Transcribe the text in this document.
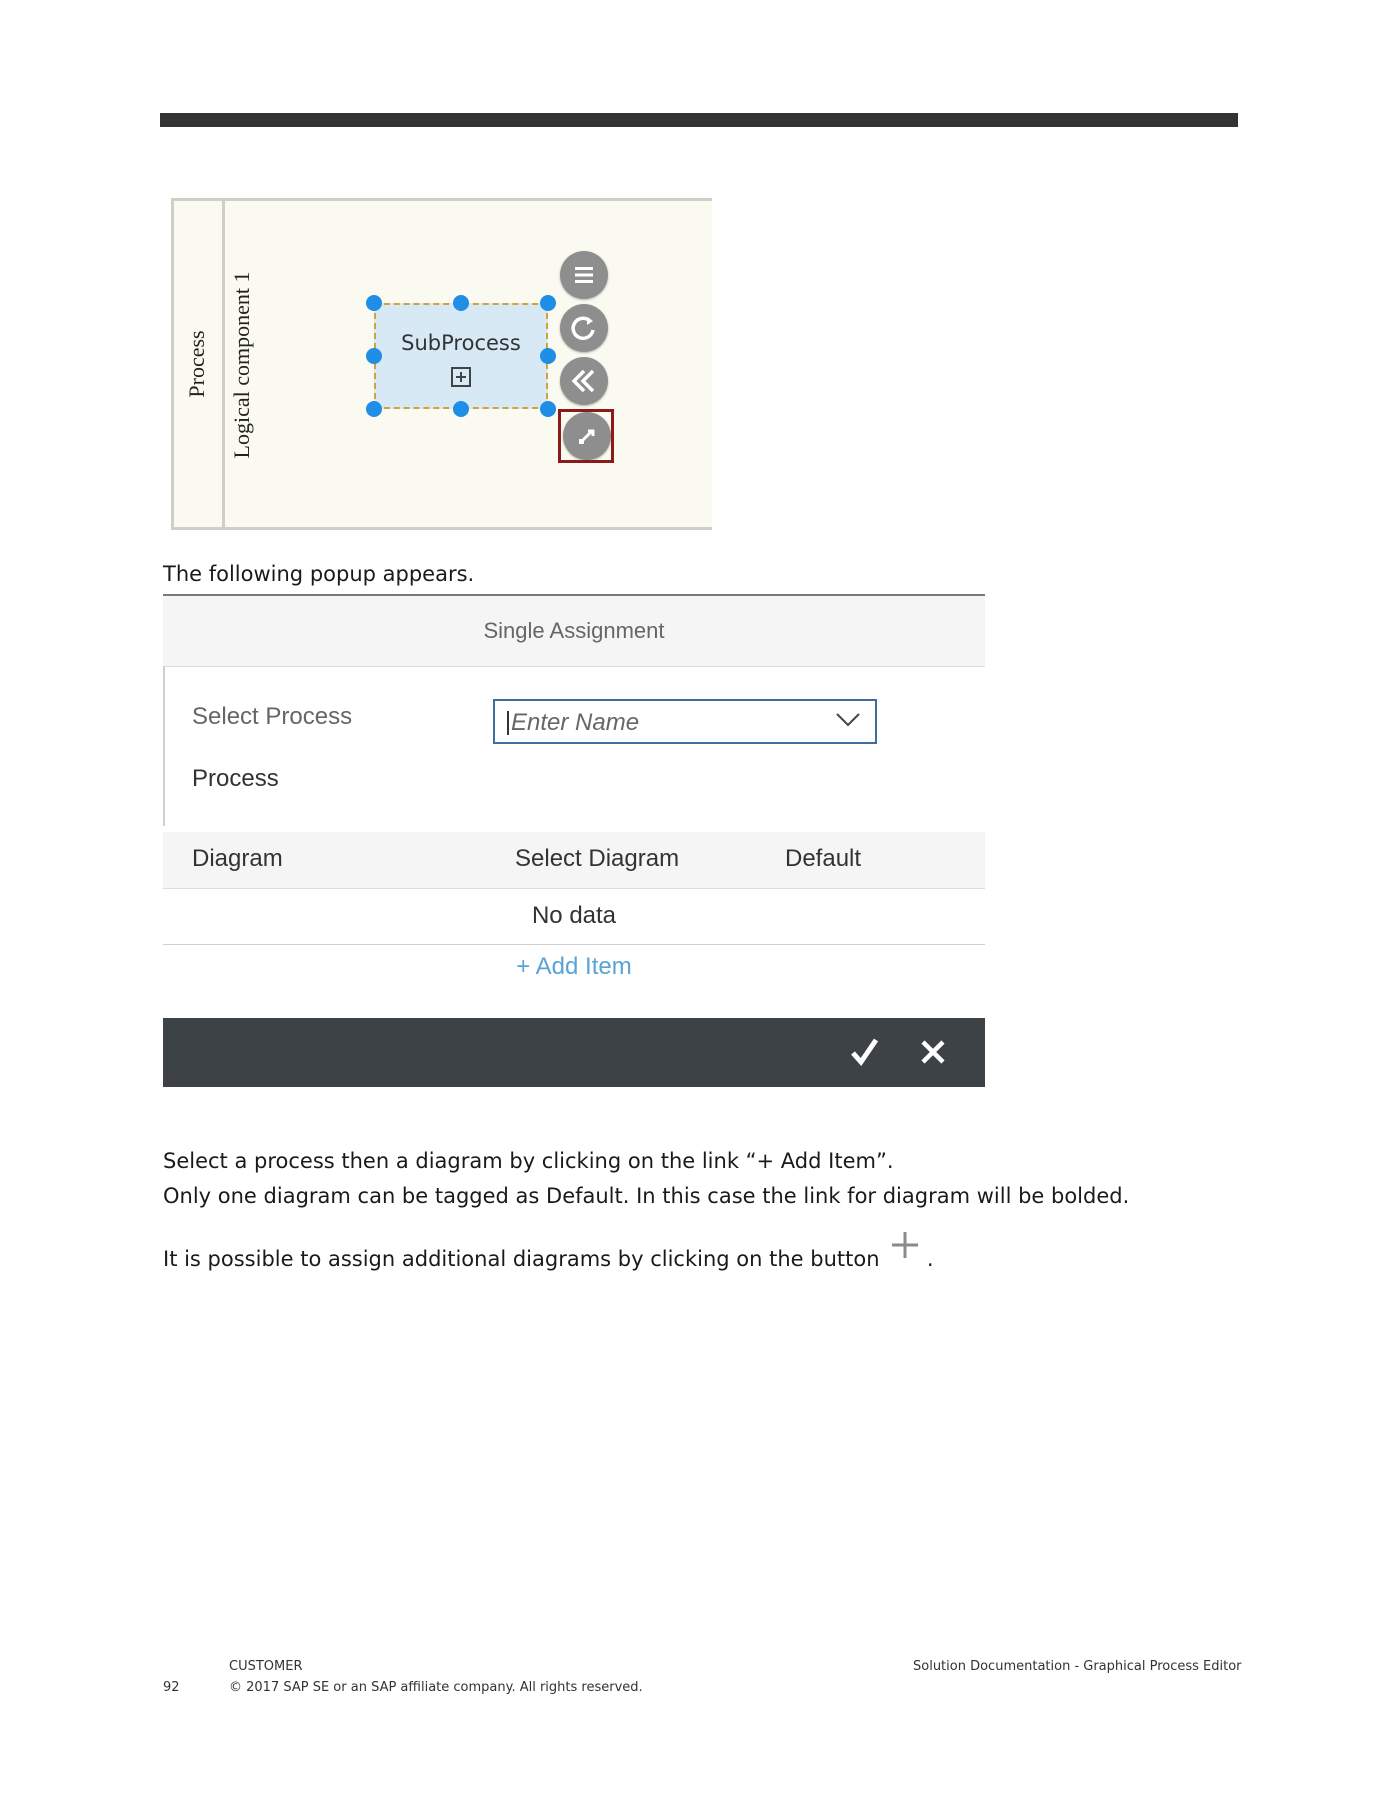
Process Logical component 1	SubProcess
The following popup appears.
Single Assignment
Select Process
Enter Name
Process
Diagram	Select Diagram	Default
No data
+ Add Item
Select a process then a diagram by clicking on the link “+ Add Item”.
Only one diagram can be tagged as Default. In this case the link for diagram will be bolded.
It is possible to assign additional diagrams by clicking on the button .
CUSTOMER
92	© 2017 SAP SE or an SAP affiliate company. All rights reserved.
Solution Documentation - Graphical Process Editor
